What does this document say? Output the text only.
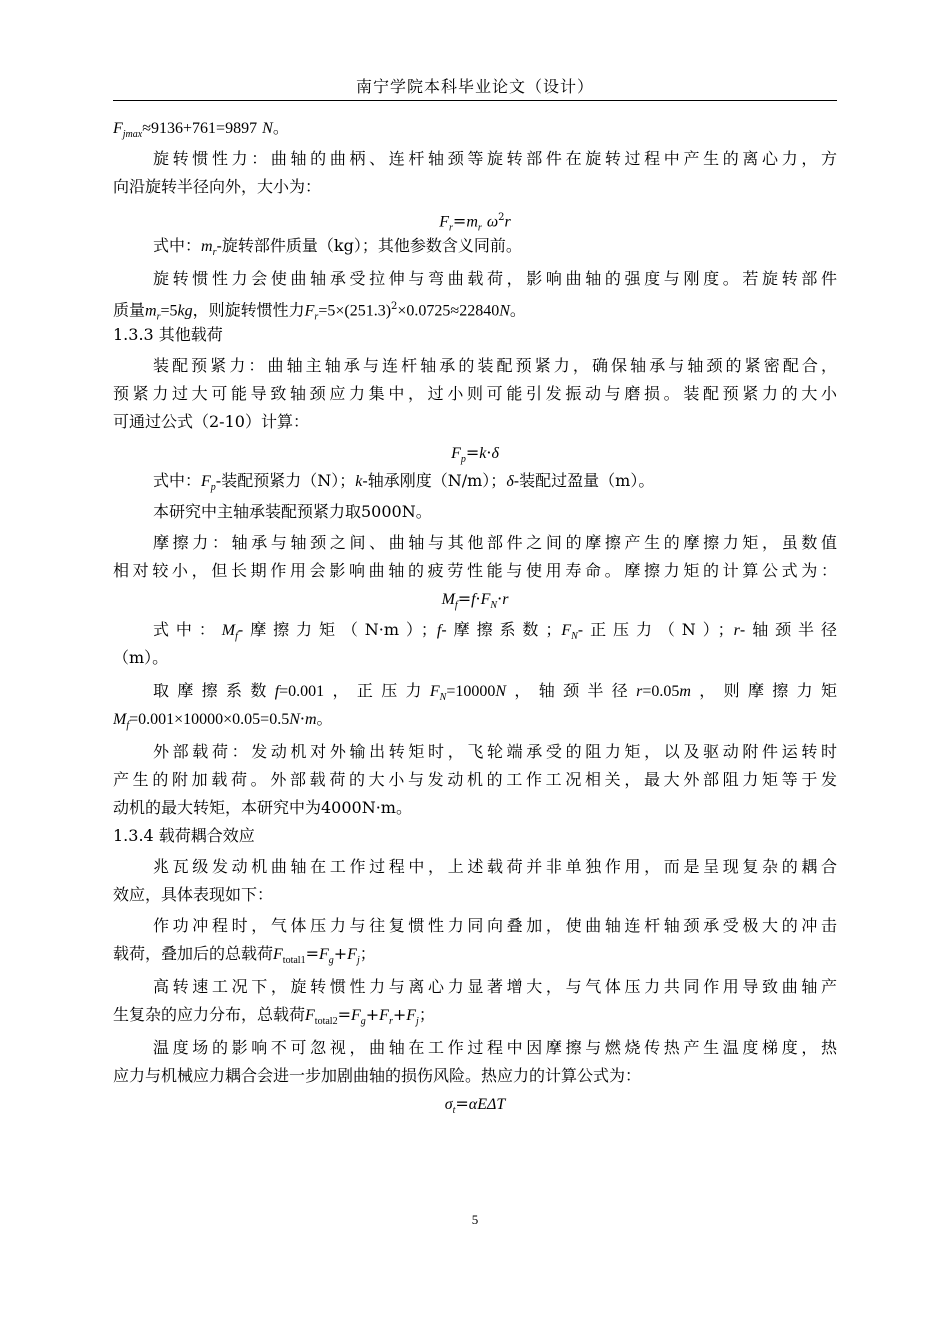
南宁学院本科毕业论文（设计）
$F_{jmax}\approx 9136+761=9897$ N。
旋转惯性力：曲轴的曲柄、连杆轴颈等旋转部件在旋转过程中产生的离心力，方
向沿旋转半径向外，大小为：
$F_r=m_r$ $\omega^2r$
式中：$m_r-$旋转部件质量（kg）；其他参数含义同前。
旋转惯性力会使曲轴承受拉伸与弯曲载荷，影响曲轴的强度与刚度。若旋转部件
质量$m_r=5kg$，则旋转惯性力$F_r=5\times(251.3)^2\times 0.0725\approx 22840N$。
1.3.3 其他载荷
装配预紧力：曲轴主轴承与连杆轴承的装配预紧力，确保轴承与轴颈的紧密配合，
预紧力过大可能导致轴颈应力集中，过小则可能引发振动与磨损。装配预紧力的大小
可通过公式（2-10）计算：
$F_p=k\cdot\delta$
式中：$F_p-$装配预紧力（N）；k-轴承刚度（N/m）；δ-装配过盈量（m）。
本研究中主轴承装配预紧力取5000N。
摩擦力：轴承与轴颈之间、曲轴与其他部件之间的摩擦产生的摩擦力矩，虽数值
相对较小，但长期作用会影响曲轴的疲劳性能与使用寿命。摩擦力矩的计算公式为：
$M_f=f\cdot F_N\cdot r$
式中：$M_f-$摩擦力矩（N·m）；f-摩擦系数；$F_N-$正压力（N）；r-轴颈半径
（m）。
取摩擦系数f=0.001，正压力$F_N=10000N$，轴颈半径r=0.05m，则摩擦力矩
$M_f=0.001\times 10000\times 0.05=0.5N\cdot m$。
外部载荷：发动机对外输出转矩时，飞轮端承受的阻力矩，以及驱动附件运转时
产生的附加载荷。外部载荷的大小与发动机的工作工况相关，最大外部阻力矩等于发
动机的最大转矩，本研究中为4000N·m。
1.3.4 载荷耦合效应
兆瓦级发动机曲轴在工作过程中，上述载荷并非单独作用，而是呈现复杂的耦合
效应，具体表现如下：
作功冲程时，气体压力与往复惯性力同向叠加，使曲轴连杆轴颈承受极大的冲击
载荷，叠加后的总载荷$F_{total1}=F_g+F_j$；
高转速工况下，旋转惯性力与离心力显著增大，与气体压力共同作用导致曲轴产
生复杂的应力分布，总载荷$F_{total2}=F_g+F_r+F_j$；
温度场的影响不可忽视，曲轴在工作过程中因摩擦与燃烧传热产生温度梯度，热
应力与机械应力耦合会进一步加剧曲轴的损伤风险。热应力的计算公式为：
$\sigma_t=\alpha E\Delta T$
5
